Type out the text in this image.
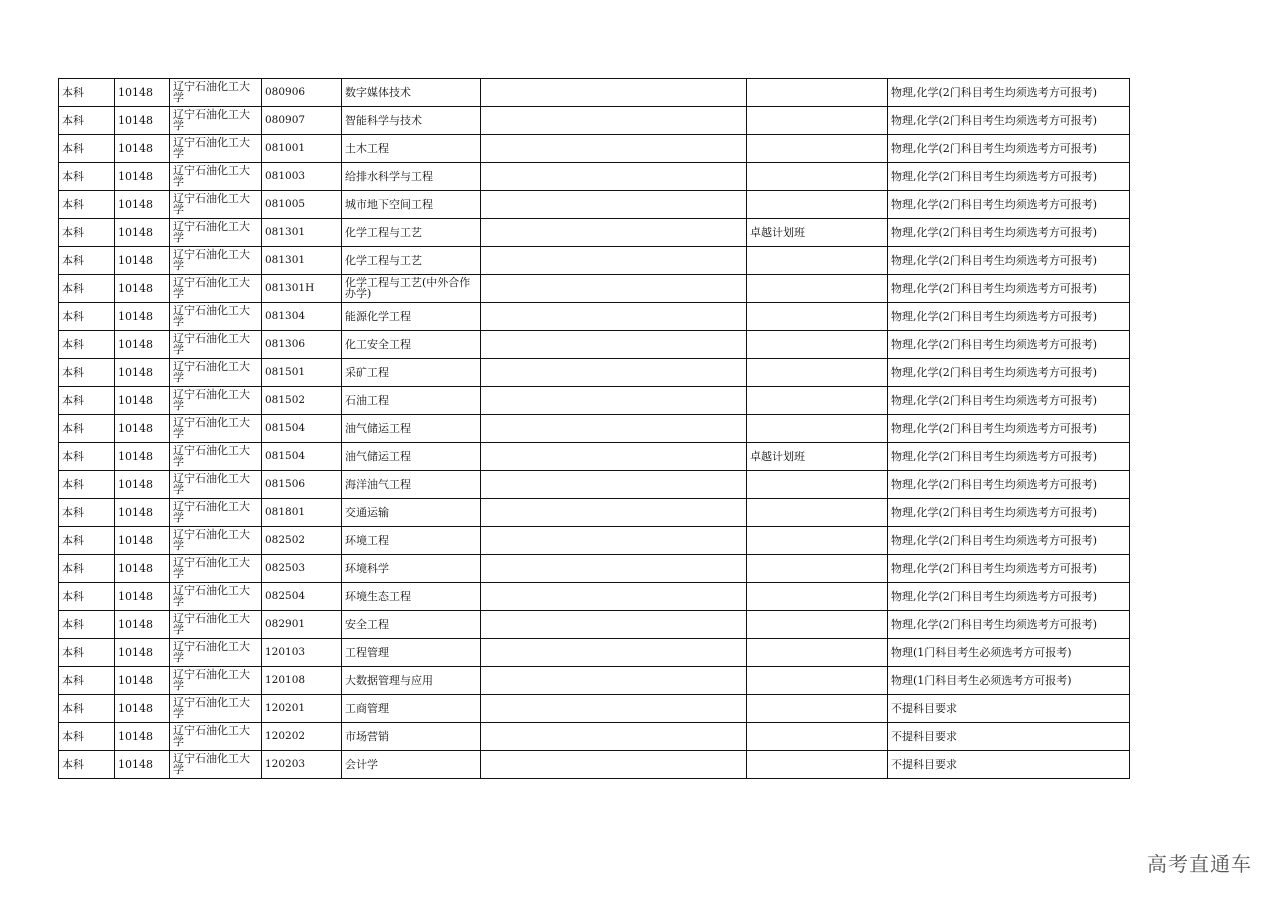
本科	10148	辽宁石油化工大学	080906	数字媒体技术			物理,化学(2门科目考生均须选考方可报考)
本科	10148	辽宁石油化工大学	080907	智能科学与技术			物理,化学(2门科目考生均须选考方可报考)
本科	10148	辽宁石油化工大学	081001	土木工程			物理,化学(2门科目考生均须选考方可报考)
本科	10148	辽宁石油化工大学	081003	给排水科学与工程			物理,化学(2门科目考生均须选考方可报考)
本科	10148	辽宁石油化工大学	081005	城市地下空间工程			物理,化学(2门科目考生均须选考方可报考)
本科	10148	辽宁石油化工大学	081301	化学工程与工艺		卓越计划班	物理,化学(2门科目考生均须选考方可报考)
本科	10148	辽宁石油化工大学	081301	化学工程与工艺			物理,化学(2门科目考生均须选考方可报考)
本科	10148	辽宁石油化工大学	081301H	化学工程与工艺(中外合作办学)			物理,化学(2门科目考生均须选考方可报考)
本科	10148	辽宁石油化工大学	081304	能源化学工程			物理,化学(2门科目考生均须选考方可报考)
本科	10148	辽宁石油化工大学	081306	化工安全工程			物理,化学(2门科目考生均须选考方可报考)
本科	10148	辽宁石油化工大学	081501	采矿工程			物理,化学(2门科目考生均须选考方可报考)
本科	10148	辽宁石油化工大学	081502	石油工程			物理,化学(2门科目考生均须选考方可报考)
本科	10148	辽宁石油化工大学	081504	油气储运工程			物理,化学(2门科目考生均须选考方可报考)
本科	10148	辽宁石油化工大学	081504	油气储运工程		卓越计划班	物理,化学(2门科目考生均须选考方可报考)
本科	10148	辽宁石油化工大学	081506	海洋油气工程			物理,化学(2门科目考生均须选考方可报考)
本科	10148	辽宁石油化工大学	081801	交通运输			物理,化学(2门科目考生均须选考方可报考)
本科	10148	辽宁石油化工大学	082502	环境工程			物理,化学(2门科目考生均须选考方可报考)
本科	10148	辽宁石油化工大学	082503	环境科学			物理,化学(2门科目考生均须选考方可报考)
本科	10148	辽宁石油化工大学	082504	环境生态工程			物理,化学(2门科目考生均须选考方可报考)
本科	10148	辽宁石油化工大学	082901	安全工程			物理,化学(2门科目考生均须选考方可报考)
本科	10148	辽宁石油化工大学	120103	工程管理			物理(1门科目考生必须选考方可报考)
本科	10148	辽宁石油化工大学	120108	大数据管理与应用			物理(1门科目考生必须选考方可报考)
本科	10148	辽宁石油化工大学	120201	工商管理			不提科目要求
本科	10148	辽宁石油化工大学	120202	市场营销			不提科目要求
本科	10148	辽宁石油化工大学	120203	会计学			不提科目要求
高考直通车
